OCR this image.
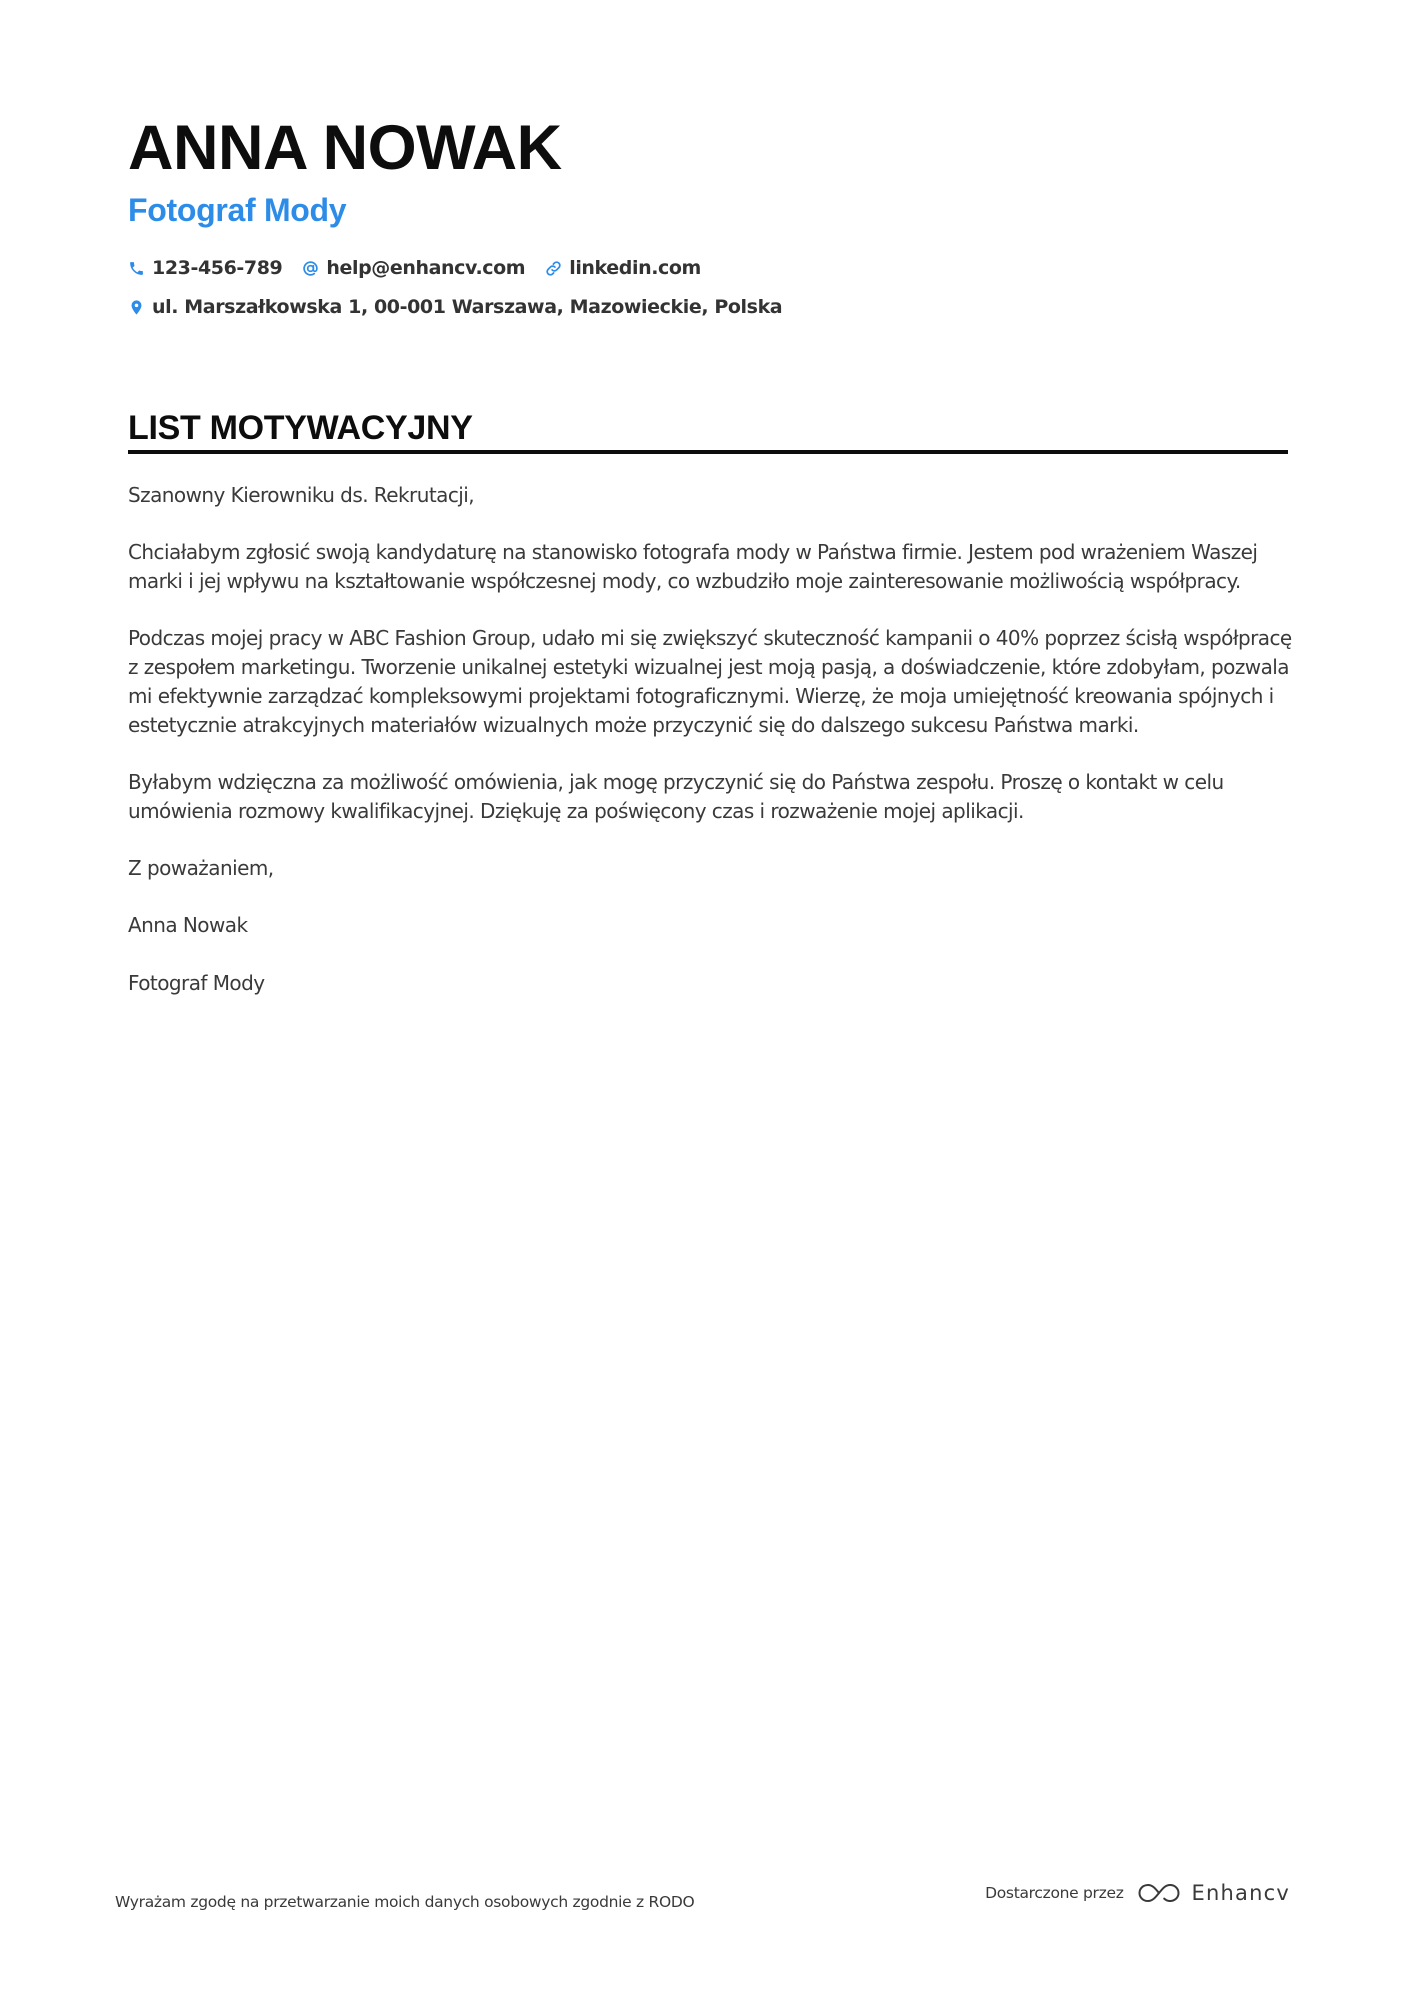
ANNA NOWAK
Fotograf Mody
123-456-789 help@enhancv.com linkedin.com
ul. Marszałkowska 1, 00-001 Warszawa, Mazowieckie, Polska
LIST MOTYWACYJNY

Szanowny Kierowniku ds. Rekrutacji,

Chciałabym zgłosić swoją kandydaturę na stanowisko fotografa mody w Państwa firmie. Jestem pod wrażeniem Waszej marki i jej wpływu na kształtowanie współczesnej mody, co wzbudziło moje zainteresowanie możliwością współpracy.

Podczas mojej pracy w ABC Fashion Group, udało mi się zwiększyć skuteczność kampanii o 40% poprzez ścisłą współpracę z zespołem marketingu. Tworzenie unikalnej estetyki wizualnej jest moją pasją, a doświadczenie, które zdobyłam, pozwala mi efektywnie zarządzać kompleksowymi projektami fotograficznymi. Wierzę, że moja umiejętność kreowania spójnych i estetycznie atrakcyjnych materiałów wizualnych może przyczynić się do dalszego sukcesu Państwa marki.

Byłabym wdzięczna za możliwość omówienia, jak mogę przyczynić się do Państwa zespołu. Proszę o kontakt w celu umówienia rozmowy kwalifikacyjnej. Dziękuję za poświęcony czas i rozważenie mojej aplikacji.

Z poważaniem,

Anna Nowak

Fotograf Mody

Wyrażam zgodę na przetwarzanie moich danych osobowych zgodnie z RODO	Dostarczone przez	Enhancv
